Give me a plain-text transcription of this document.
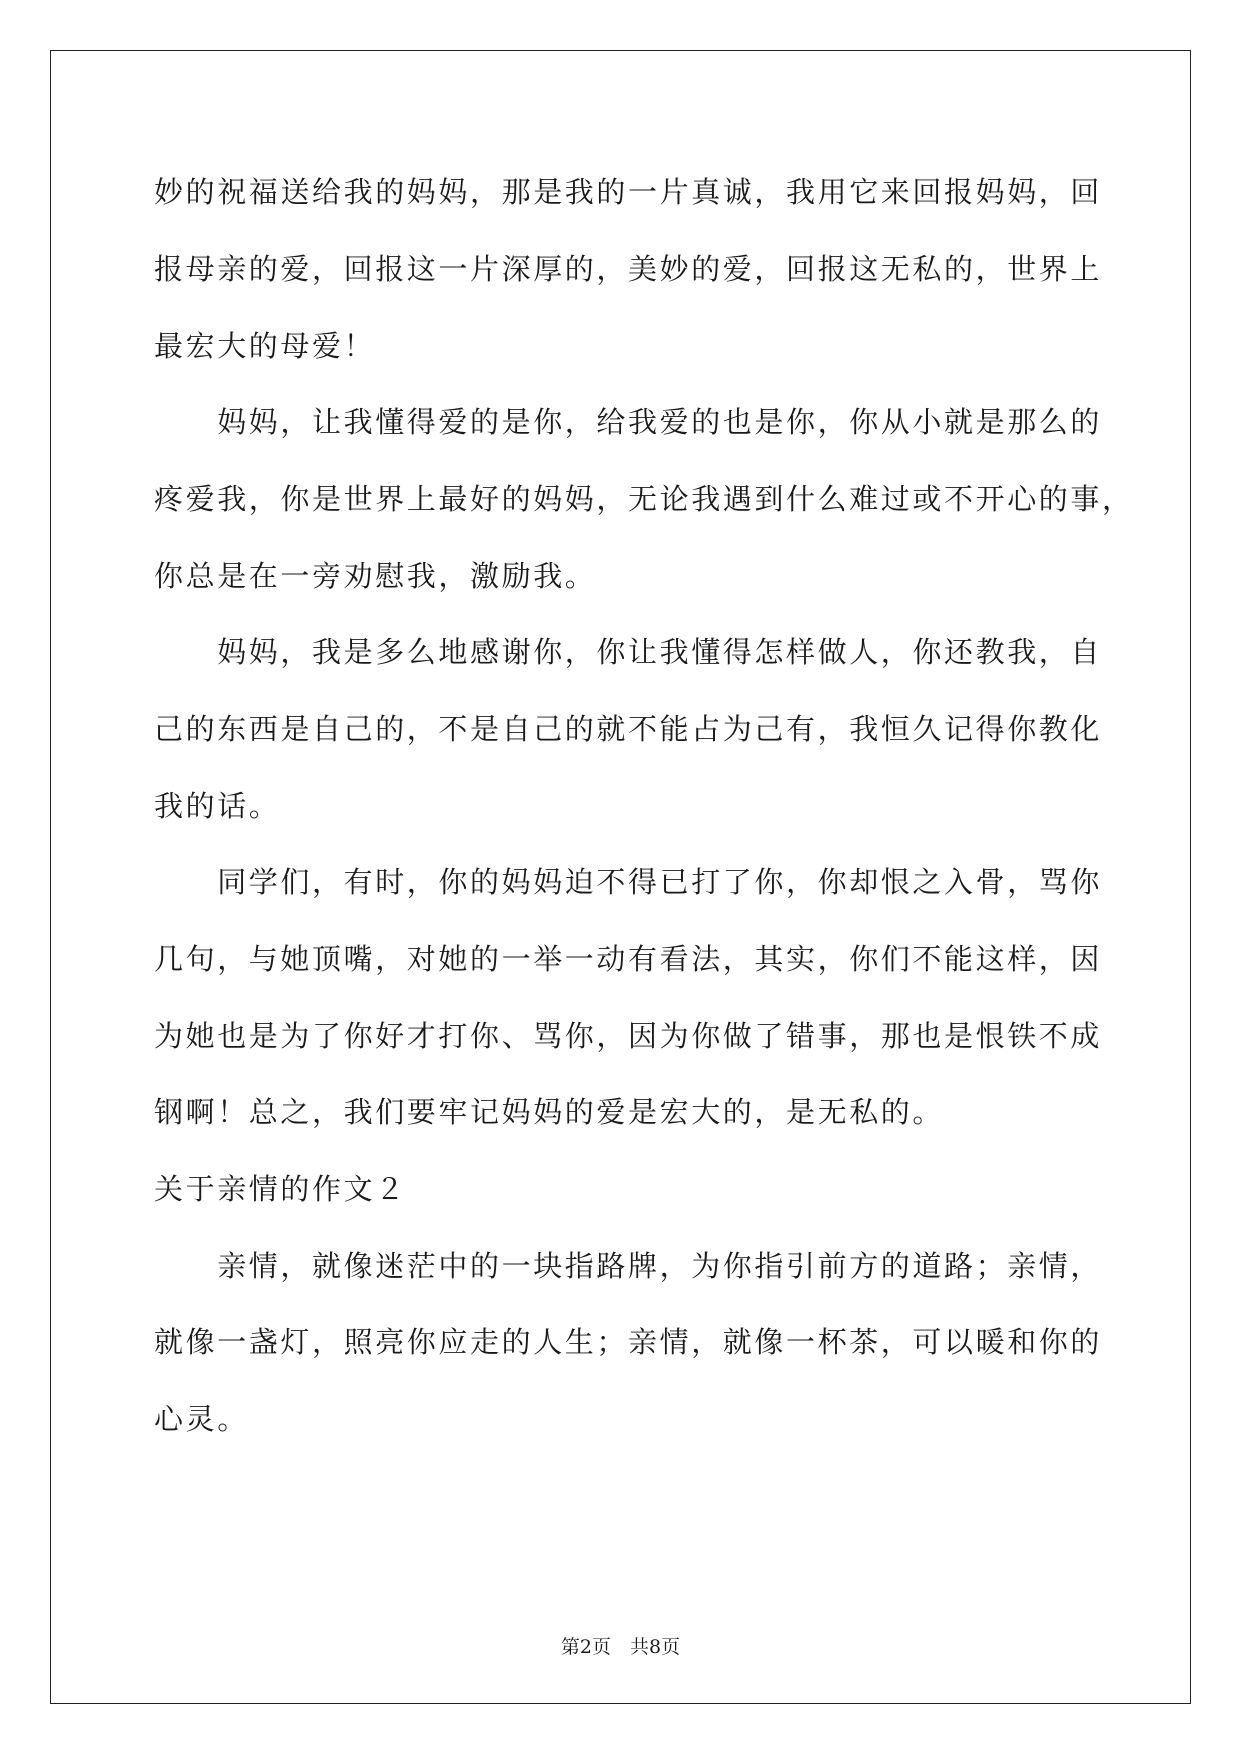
妙的祝福送给我的妈妈，那是我的一片真诚，我用它来回报妈妈，回
报母亲的爱，回报这一片深厚的，美妙的爱，回报这无私的，世界上
最宏大的母爱！
　　妈妈，让我懂得爱的是你，给我爱的也是你，你从小就是那么的
疼爱我，你是世界上最好的妈妈，无论我遇到什么难过或不开心的事，
你总是在一旁劝慰我，激励我。
　　妈妈，我是多么地感谢你，你让我懂得怎样做人，你还教我，自
己的东西是自己的，不是自己的就不能占为己有，我恒久记得你教化
我的话。
　　同学们，有时，你的妈妈迫不得已打了你，你却恨之入骨，骂你
几句，与她顶嘴，对她的一举一动有看法，其实，你们不能这样，因
为她也是为了你好才打你、骂你，因为你做了错事，那也是恨铁不成
钢啊！总之，我们要牢记妈妈的爱是宏大的，是无私的。
关于亲情的作文２
　　亲情，就像迷茫中的一块指路牌，为你指引前方的道路；亲情，
就像一盏灯，照亮你应走的人生；亲情，就像一杯茶，可以暖和你的
心灵。
第2页　共8页
